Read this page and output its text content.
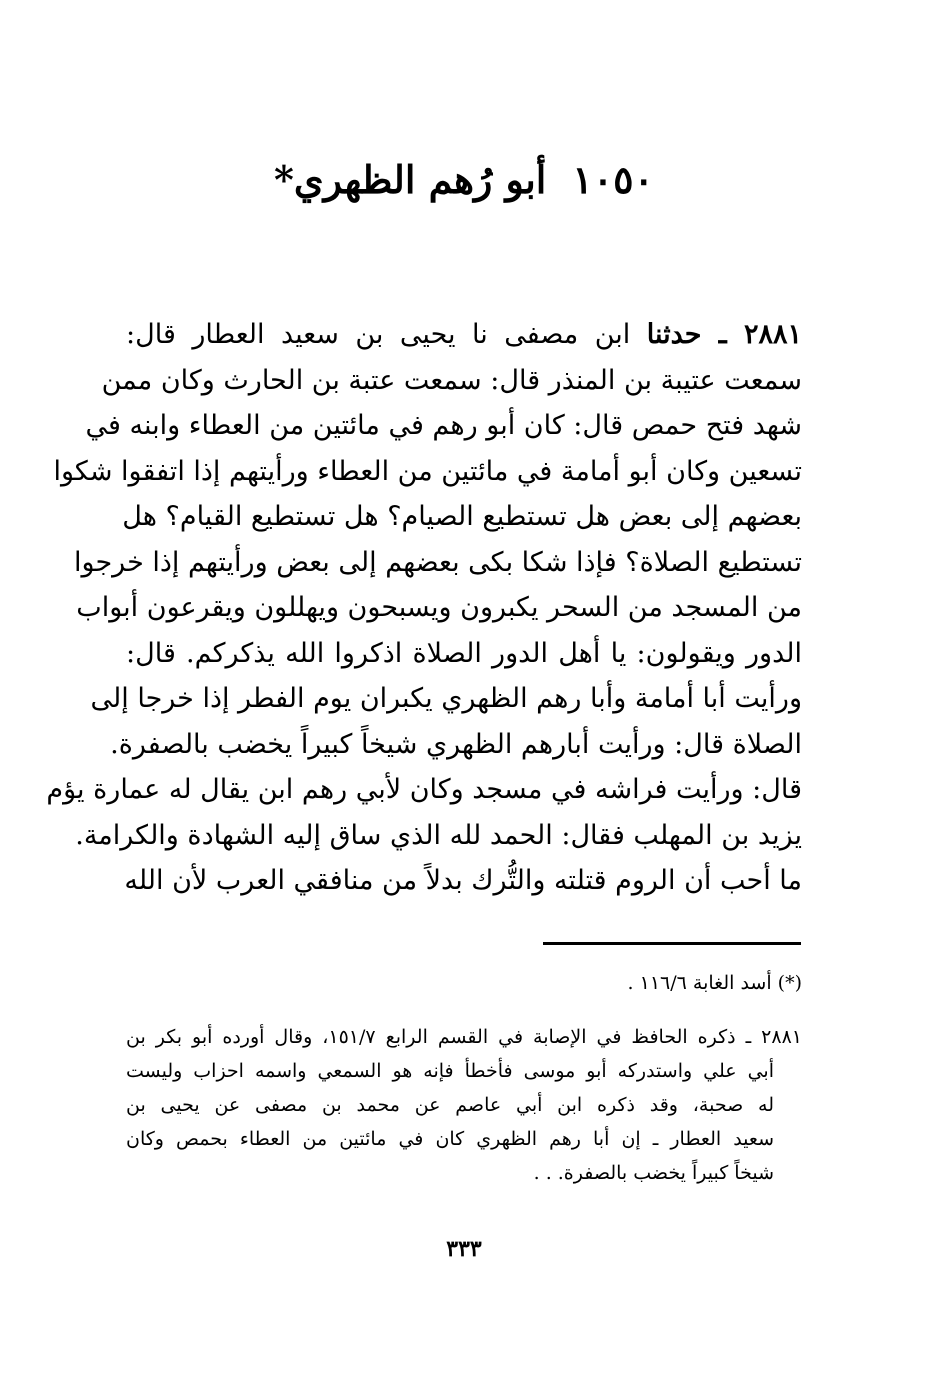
١٠٥٠أبو رُهم الظهري*
٢٨٨١ ـ حدثنا ابن مصفى نا يحيى بن سعيد العطار قال:
سمعت عتيبة بن المنذر قال: سمعت عتبة بن الحارث وكان ممن
شهد فتح حمص قال: كان أبو رهم في مائتين من العطاء وابنه في
تسعين وكان أبو أمامة في مائتين من العطاء ورأيتهم إذا اتفقوا شكوا
بعضهم إلى بعض هل تستطيع الصيام؟ هل تستطيع القيام؟ هل
تستطيع الصلاة؟ فإذا شكا بكى بعضهم إلى بعض ورأيتهم إذا خرجوا
من المسجد من السحر يكبرون ويسبحون ويهللون ويقرعون أبواب
الدور ويقولون: يا أهل الدور الصلاة اذكروا الله يذكركم. قال:
ورأيت أبا أمامة وأبا رهم الظهري يكبران يوم الفطر إذا خرجا إلى
الصلاة قال: ورأيت أبارهم الظهري شيخاً كبيراً يخضب بالصفرة.
قال: ورأيت فراشه في مسجد وكان لأبي رهم ابن يقال له عمارة يؤم
يزيد بن المهلب فقال: الحمد لله الذي ساق إليه الشهادة والكرامة.
ما أحب أن الروم قتلته والتُّرك بدلاً من منافقي العرب لأن الله
(*) أسد الغابة ١١٦/٦ .
٢٨٨١ ـ ذكره الحافظ في الإصابة في القسم الرابع ١٥١/٧، وقال أورده أبو بكر بن
أبي علي واستدركه أبو موسى فأخطأ فإنه هو السمعي واسمه احزاب وليست
له صحبة، وقد ذكره ابن أبي عاصم عن محمد بن مصفى عن يحيى بن
سعيد العطار ـ إن أبا رهم الظهري كان في مائتين من العطاء بحمص وكان
شيخاً كبيراً يخضب بالصفرة. . .
٣٣٣
